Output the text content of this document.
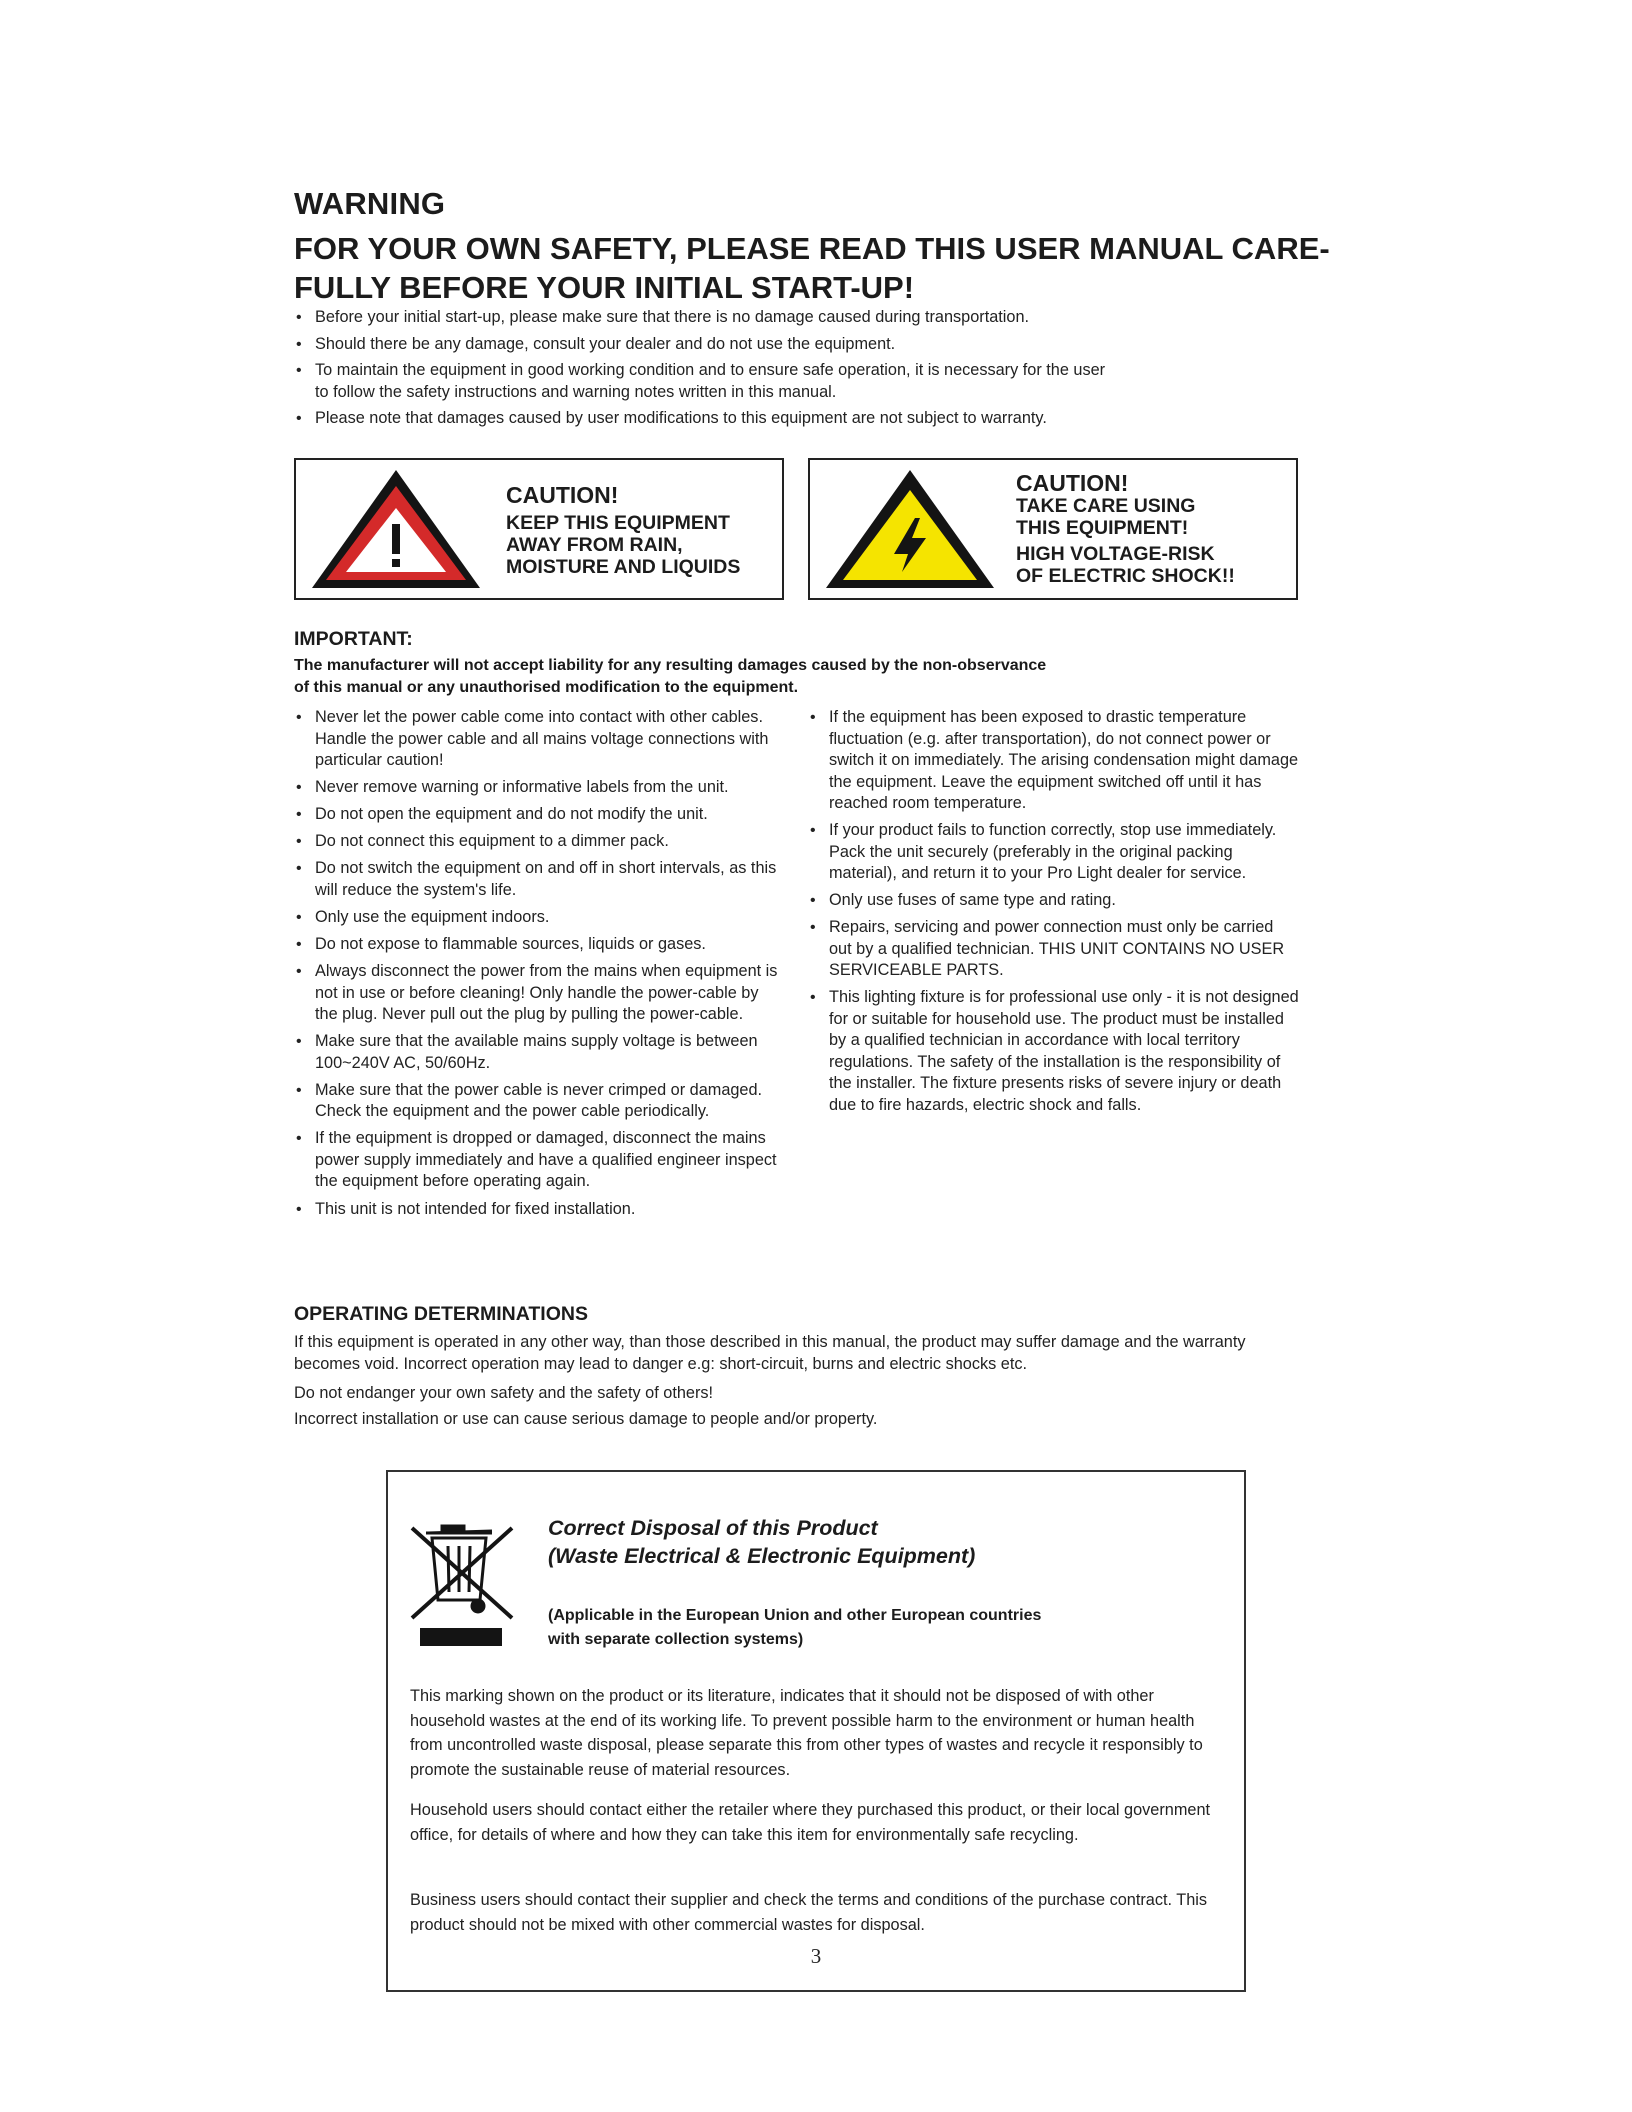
WARNING
FOR YOUR OWN SAFETY, PLEASE READ THIS USER MANUAL CARE-
FULLY BEFORE YOUR INITIAL START-UP!
• Before your initial start-up, please make sure that there is no damage caused during transportation.
• Should there be any damage, consult your dealer and do not use the equipment.
• To maintain the equipment in good working condition and to ensure safe operation, it is necessary for the user to follow the safety instructions and warning notes written in this manual.
• Please note that damages caused by user modifications to this equipment are not subject to warranty.
CAUTION!
KEEP THIS EQUIPMENT
AWAY FROM RAIN,
MOISTURE AND LIQUIDS
CAUTION!
TAKE CARE USING
THIS EQUIPMENT!
HIGH VOLTAGE-RISK
OF ELECTRIC SHOCK!!
IMPORTANT:
The manufacturer will not accept liability for any resulting damages caused by the non-observance
of this manual or any unauthorised modification to the equipment.
• Never let the power cable come into contact with other cables. Handle the power cable and all mains voltage connections with particular caution!
• Never remove warning or informative labels from the unit.
• Do not open the equipment and do not modify the unit.
• Do not connect this equipment to a dimmer pack.
• Do not switch the equipment on and off in short intervals, as this will reduce the system's life.
• Only use the equipment indoors.
• Do not expose to flammable sources, liquids or gases.
• Always disconnect the power from the mains when equipment is not in use or before cleaning! Only handle the power-cable by the plug. Never pull out the plug by pulling the power-cable.
• Make sure that the available mains supply voltage is between 100~240V AC, 50/60Hz.
• Make sure that the power cable is never crimped or damaged. Check the equipment and the power cable periodically.
• If the equipment is dropped or damaged, disconnect the mains power supply immediately and have a qualified engineer inspect the equipment before operating again.
• This unit is not intended for fixed installation.
• If the equipment has been exposed to drastic temperature fluctuation (e.g. after transportation), do not connect power or switch it on immediately. The arising condensation might damage the equipment. Leave the equipment switched off until it has reached room temperature.
• If your product fails to function correctly, stop use immediately. Pack the unit securely (preferably in the original packing material), and return it to your Pro Light dealer for service.
• Only use fuses of same type and rating.
• Repairs, servicing and power connection must only be carried out by a qualified technician. THIS UNIT CONTAINS NO USER SERVICEABLE PARTS.
• This lighting fixture is for professional use only - it is not designed for or suitable for household use. The product must be installed by a qualified technician in accordance with local territory regulations. The safety of the installation is the responsibility of the installer. The fixture presents risks of severe injury or death due to fire hazards, electric shock and falls.
OPERATING DETERMINATIONS
If this equipment is operated in any other way, than those described in this manual, the product may suffer damage and the warranty becomes void. Incorrect operation may lead to danger e.g: short-circuit, burns and electric shocks etc.
Do not endanger your own safety and the safety of others!
Incorrect installation or use can cause serious damage to people and/or property.
Correct Disposal of this Product
(Waste Electrical & Electronic Equipment)
(Applicable in the European Union and other European countries
with separate collection systems)

This marking shown on the product or its literature, indicates that it should not be disposed of with other household wastes at the end of its working life. To prevent possible harm to the environment or human health from uncontrolled waste disposal, please separate this from other types of wastes and recycle it responsibly to promote the sustainable reuse of material resources.

Household users should contact either the retailer where they purchased this product, or their local government office, for details of where and how they can take this item for environmentally safe recycling.

Business users should contact their supplier and check the terms and conditions of the purchase contract. This product should not be mixed with other commercial wastes for disposal.

3
